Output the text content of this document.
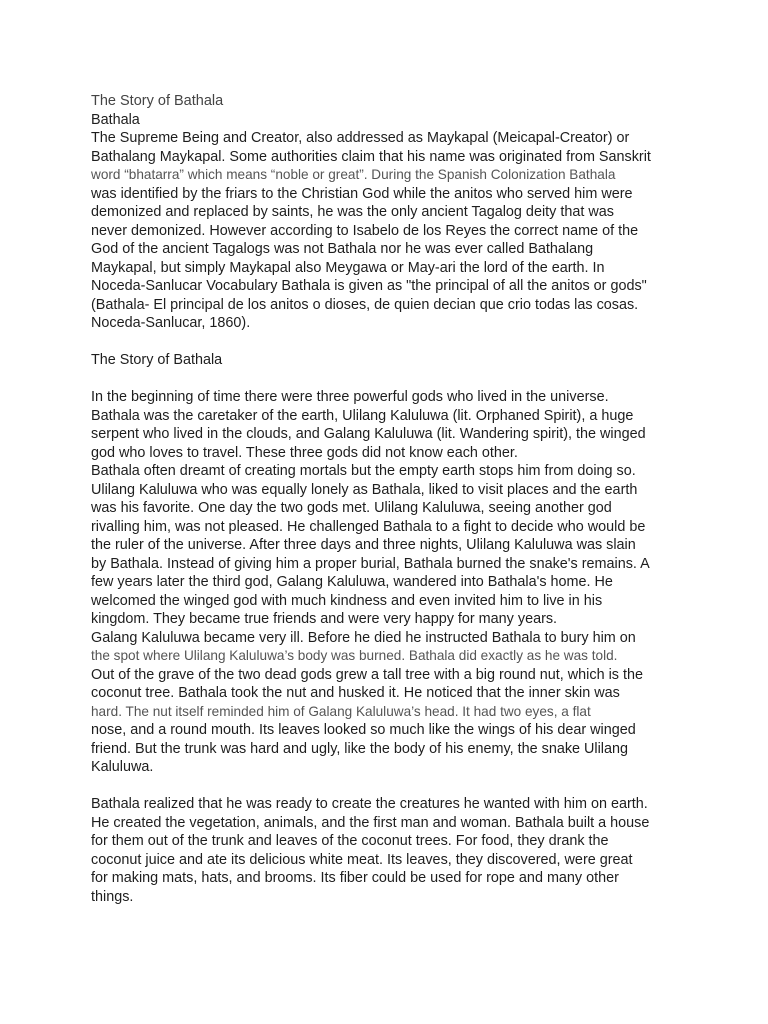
The Story of Bathala
Bathala
The Supreme Being and Creator, also addressed as Maykapal (Meicapal-Creator) or
Bathalang Maykapal. Some authorities claim that his name was originated from Sanskrit
word “bhatarra” which means “noble or great”. During the Spanish Colonization Bathala
was identified by the friars to the Christian God while the anitos who served him were
demonized and replaced by saints, he was the only ancient Tagalog deity that was
never demonized. However according to Isabelo de los Reyes the correct name of the
God of the ancient Tagalogs was not Bathala nor he was ever called Bathalang
Maykapal, but simply Maykapal also Meygawa or May-ari the lord of the earth. In
Noceda-Sanlucar Vocabulary Bathala is given as "the principal of all the anitos or gods"
(Bathala- El principal de los anitos o dioses, de quien decian que crio todas las cosas.
Noceda-Sanlucar, 1860).
The Story of Bathala
In the beginning of time there were three powerful gods who lived in the universe.
Bathala was the caretaker of the earth, Ulilang Kaluluwa (lit. Orphaned Spirit), a huge
serpent who lived in the clouds, and Galang Kaluluwa (lit. Wandering spirit), the winged
god who loves to travel. These three gods did not know each other.
Bathala often dreamt of creating mortals but the empty earth stops him from doing so.
Ulilang Kaluluwa who was equally lonely as Bathala, liked to visit places and the earth
was his favorite. One day the two gods met. Ulilang Kaluluwa, seeing another god
rivalling him, was not pleased. He challenged Bathala to a fight to decide who would be
the ruler of the universe. After three days and three nights, Ulilang Kaluluwa was slain
by Bathala. Instead of giving him a proper burial, Bathala burned the snake's remains. A
few years later the third god, Galang Kaluluwa, wandered into Bathala's home. He
welcomed the winged god with much kindness and even invited him to live in his
kingdom. They became true friends and were very happy for many years.
Galang Kaluluwa became very ill. Before he died he instructed Bathala to bury him on
the spot where Ulilang Kaluluwa’s body was burned. Bathala did exactly as he was told.
Out of the grave of the two dead gods grew a tall tree with a big round nut, which is the
coconut tree. Bathala took the nut and husked it. He noticed that the inner skin was
hard. The nut itself reminded him of Galang Kaluluwa’s head. It had two eyes, a flat
nose, and a round mouth. Its leaves looked so much like the wings of his dear winged
friend. But the trunk was hard and ugly, like the body of his enemy, the snake Ulilang
Kaluluwa.
Bathala realized that he was ready to create the creatures he wanted with him on earth.
He created the vegetation, animals, and the first man and woman. Bathala built a house
for them out of the trunk and leaves of the coconut trees. For food, they drank the
coconut juice and ate its delicious white meat. Its leaves, they discovered, were great
for making mats, hats, and brooms. Its fiber could be used for rope and many other
things.
